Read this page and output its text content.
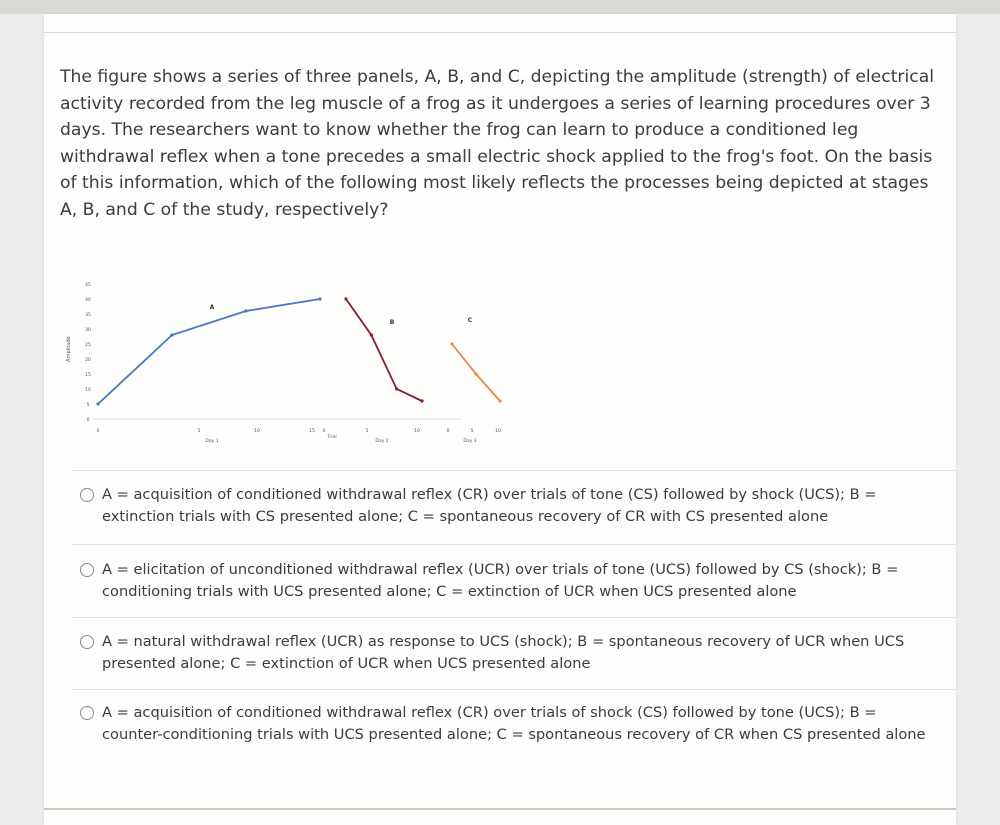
The figure shows a series of three panels, A, B, and C, depicting the amplitude (strength) of electrical activity recorded from the leg muscle of a frog as it undergoes a series of learning procedures over 3 days. The researchers want to know whether the frog can learn to produce a conditioned leg withdrawal reflex when a tone precedes a small electric shock applied to the frog's foot. On the basis of this information, which of the following most likely reflects the processes being depicted at stages A, B, and C of the study, respectively?

Amplitude
0
5
10
15
20
25
30
35
40
45
0	5	10	15 0	5	10	0	5	10
Day 1
Trial
Day 2	Day 3
A
B	C
A = acquisition of conditioned withdrawal reflex (CR) over trials of tone (CS) followed by shock (UCS); B = extinction trials with CS presented alone; C = spontaneous recovery of CR with CS presented alone
A = elicitation of unconditioned withdrawal reflex (UCR) over trials of tone (UCS) followed by CS (shock); B = conditioning trials with UCS presented alone; C = extinction of UCR when UCS presented alone
A = natural withdrawal reflex (UCR) as response to UCS (shock); B = spontaneous recovery of UCR when UCS presented alone; C = extinction of UCR when UCS presented alone
A = acquisition of conditioned withdrawal reflex (CR) over trials of shock (CS) followed by tone (UCS); B = counter-conditioning trials with UCS presented alone; C = spontaneous recovery of CR when CS presented alone
